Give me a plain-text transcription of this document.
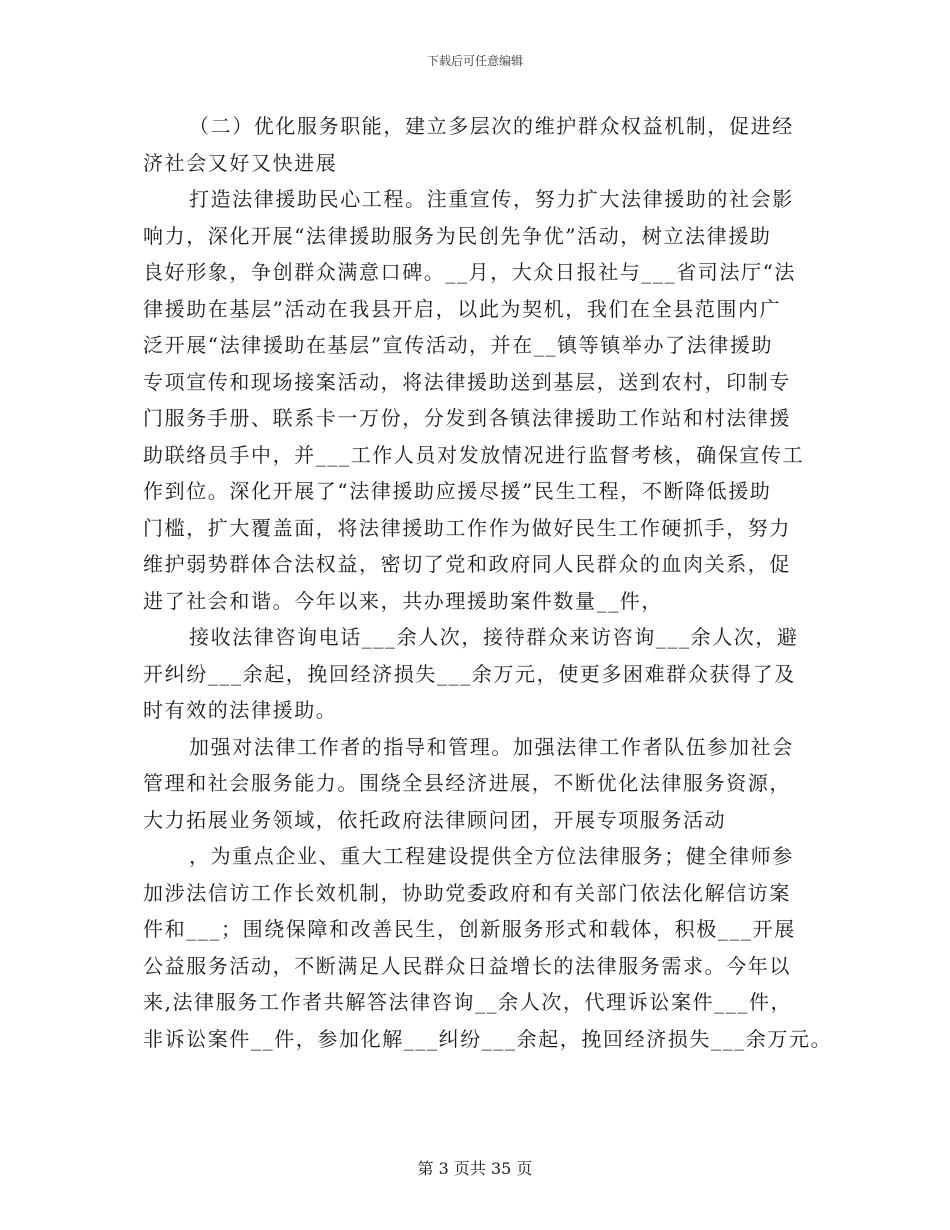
下载后可任意编辑
（二）优化服务职能，建立多层次的维护群众权益机制，促进经
济社会又好又快进展
打造法律援助民心工程。注重宣传，努力扩大法律援助的社会影
响力，深化开展“法律援助服务为民创先争优”活动，树立法律援助
良好形象，争创群众满意口碑。__月，大众日报社与___省司法厅“法
律援助在基层”活动在我县开启，以此为契机，我们在全县范围内广
泛开展“法律援助在基层”宣传活动，并在__镇等镇举办了法律援助
专项宣传和现场接案活动，将法律援助送到基层，送到农村，印制专
门服务手册、联系卡一万份，分发到各镇法律援助工作站和村法律援
助联络员手中，并___工作人员对发放情况进行监督考核，确保宣传工
作到位。深化开展了“法律援助应援尽援”民生工程，不断降低援助
门槛，扩大覆盖面，将法律援助工作作为做好民生工作硬抓手，努力
维护弱势群体合法权益，密切了党和政府同人民群众的血肉关系，促
进了社会和谐。今年以来，共办理援助案件数量__件，
接收法律咨询电话___余人次，接待群众来访咨询___余人次，避
开纠纷___余起，挽回经济损失___余万元，使更多困难群众获得了及
时有效的法律援助。
加强对法律工作者的指导和管理。加强法律工作者队伍参加社会
管理和社会服务能力。围绕全县经济进展，不断优化法律服务资源，
大力拓展业务领域，依托政府法律顾问团，开展专项服务活动
，为重点企业、重大工程建设提供全方位法律服务；健全律师参
加涉法信访工作长效机制，协助党委政府和有关部门依法化解信访案
件和___；围绕保障和改善民生，创新服务形式和载体，积极___开展
公益服务活动，不断满足人民群众日益增长的法律服务需求。今年以
来,法律服务工作者共解答法律咨询__余人次，代理诉讼案件___件，
非诉讼案件__件，参加化解___纠纷___余起，挽回经济损失___余万元。
第 3 页共 35 页
